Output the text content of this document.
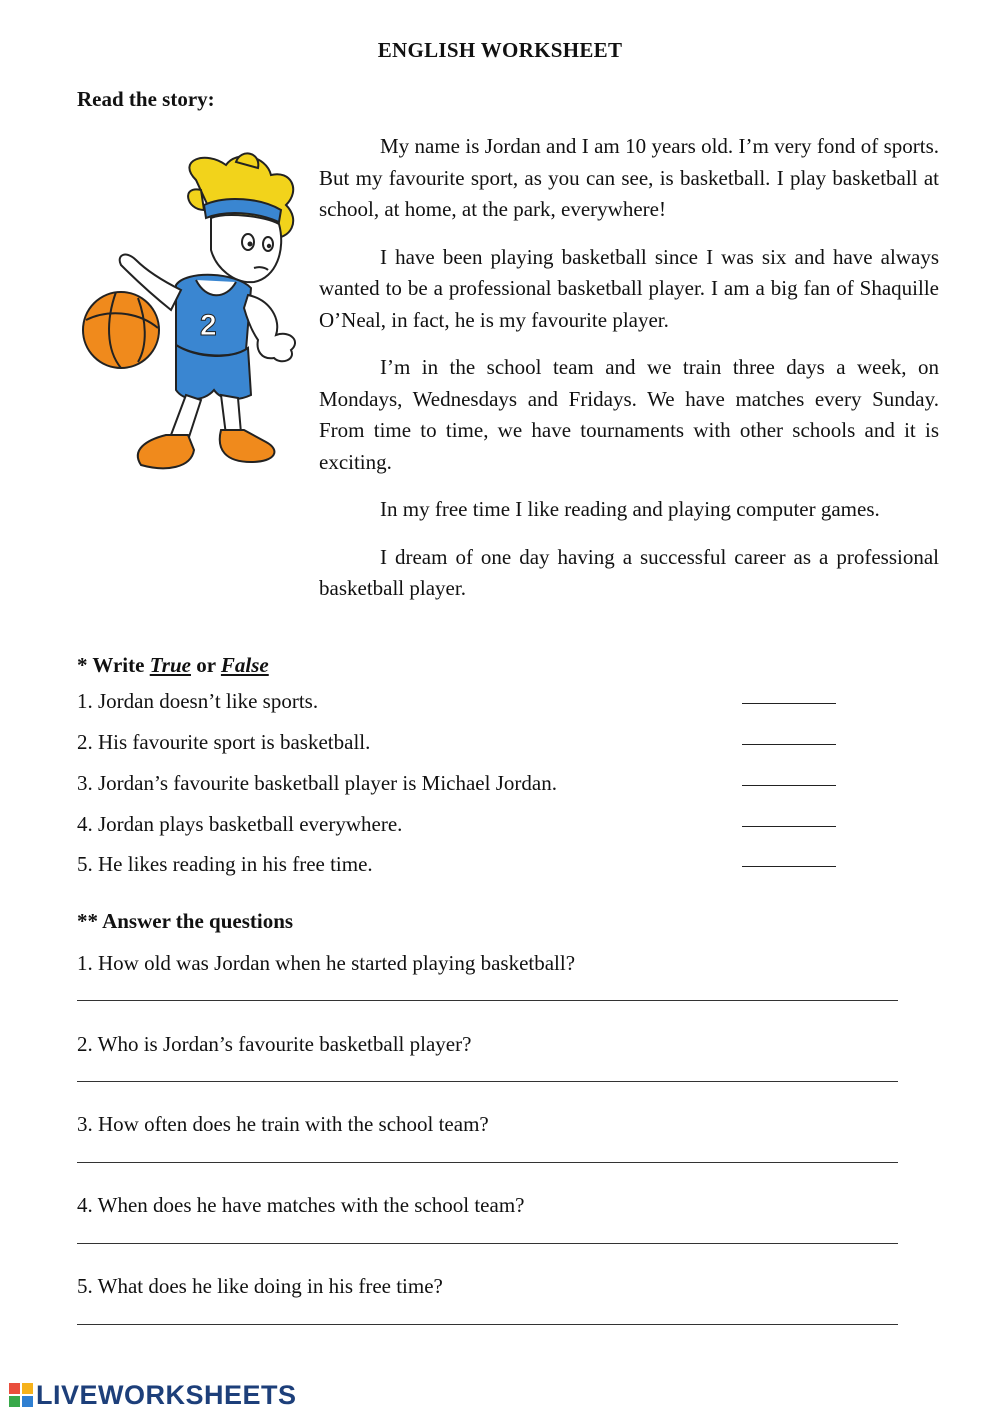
ENGLISH WORKSHEET
Read the story:
2

My name is Jordan and I am 10 years old. I’m very fond of sports. But my favourite sport, as you can see, is basketball. I play basketball at school, at home, at the park, everywhere!

I have been playing basketball since I was six and have always wanted to be a professional basketball player. I am a big fan of Shaquille O’Neal, in fact, he is my favourite player.

I’m in the school team and we train three days a week, on Mondays, Wednesdays and Fridays. We have matches every Sunday. From time to time, we have tournaments with other schools and it is exciting.

In my free time I like reading and playing computer games.

I dream of one day having a successful career as a professional basketball player.

* Write True or False
1. Jordan doesn’t like sports.
2. His favourite sport is basketball.
3. Jordan’s favourite basketball player is Michael Jordan.
4. Jordan plays basketball everywhere.
5. He likes reading in his free time.
** Answer the questions
1. How old was Jordan when he started playing basketball?
2. Who is Jordan’s favourite basketball player?
3. How often does he train with the school team?
4. When does he have matches with the school team?
5. What does he like doing in his free time?
LIVEWORKSHEETS
